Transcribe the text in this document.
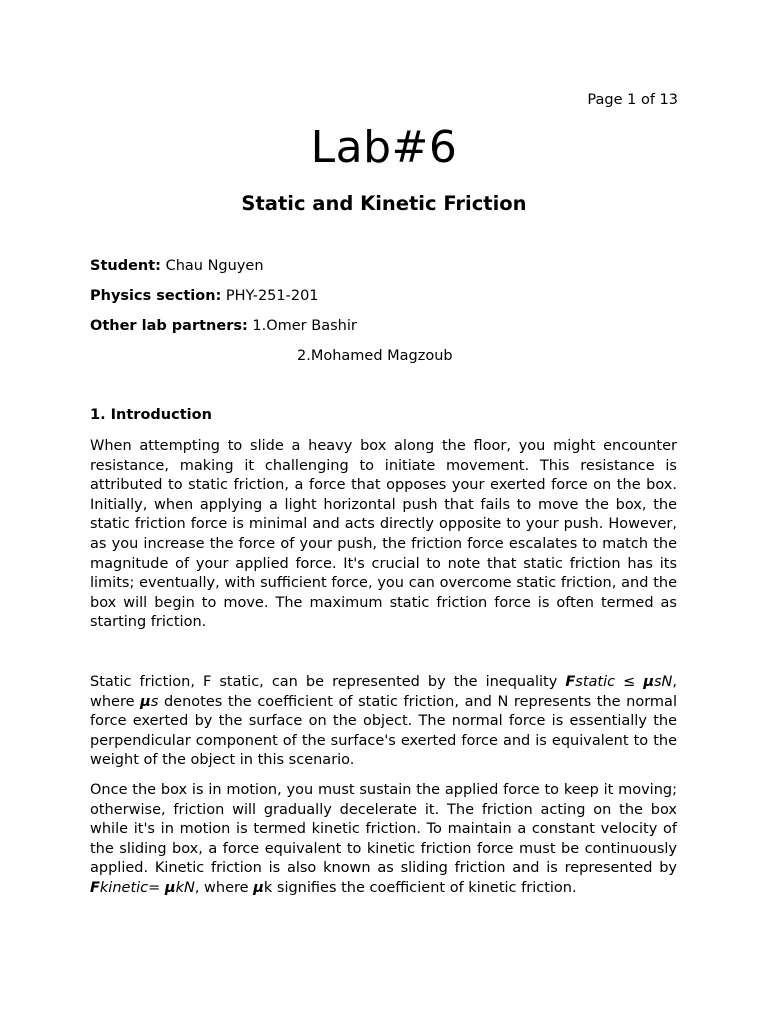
Page 1 of 13
Lab#6
Static and Kinetic Friction
Student: Chau Nguyen
Physics section: PHY-251-201
Other lab partners: 1.Omer Bashir
2.Mohamed Magzoub
1. Introduction

When attempting to slide a heavy box along the floor, you might encounter resistance, making it challenging to initiate movement. This resistance is attributed to static friction, a force that opposes your exerted force on the box. Initially, when applying a light horizontal push that fails to move the box, the static friction force is minimal and acts directly opposite to your push. However, as you increase the force of your push, the friction force escalates to match the magnitude of your applied force. It's crucial to note that static friction has its limits; eventually, with sufficient force, you can overcome static friction, and the box will begin to move. The maximum static friction force is often termed as starting friction.

Static friction, F static, can be represented by the inequality Fstatic ≤ μsN, where μs denotes the coefficient of static friction, and N represents the normal force exerted by the surface on the object. The normal force is essentially the perpendicular component of the surface's exerted force and is equivalent to the weight of the object in this scenario.

Once the box is in motion, you must sustain the applied force to keep it moving; otherwise, friction will gradually decelerate it. The friction acting on the box while it's in motion is termed kinetic friction. To maintain a constant velocity of the sliding box, a force equivalent to kinetic friction force must be continuously applied. Kinetic friction is also known as sliding friction and is represented by Fkinetic= μkN, where μk signifies the coefficient of kinetic friction.
